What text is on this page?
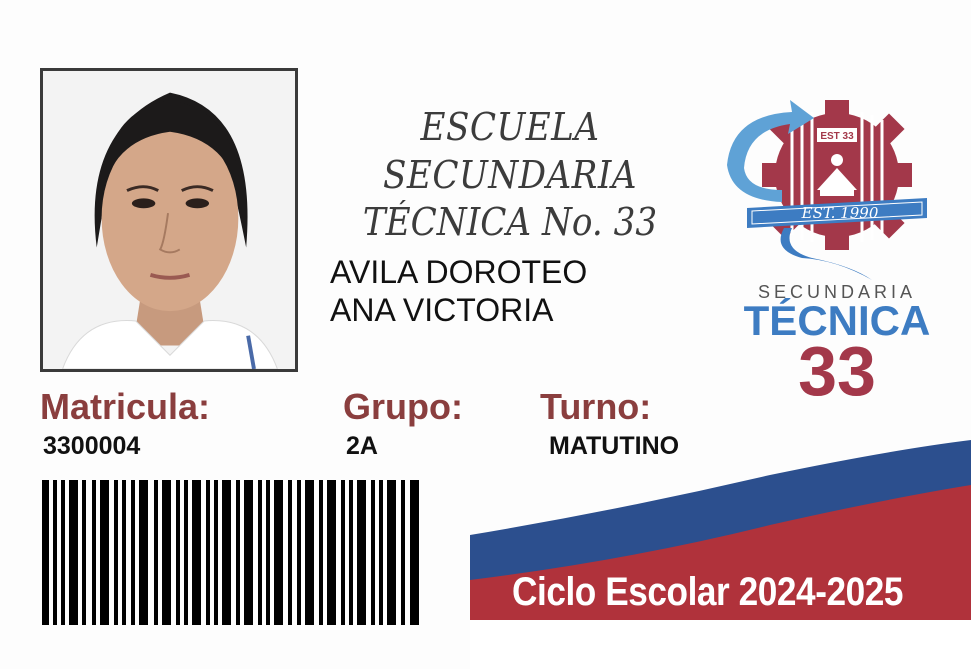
ESCUELA SECUNDARIA
TÉCNICA No. 33
AVILA DOROTEO
ANA VICTORIA
Matricula:
3300004
Grupo:
2A
Turno:
MATUTINO
EST 33
EST. 1990
SECUNDARIA
TÉCNICA
33
Ciclo Escolar 2024-2025
